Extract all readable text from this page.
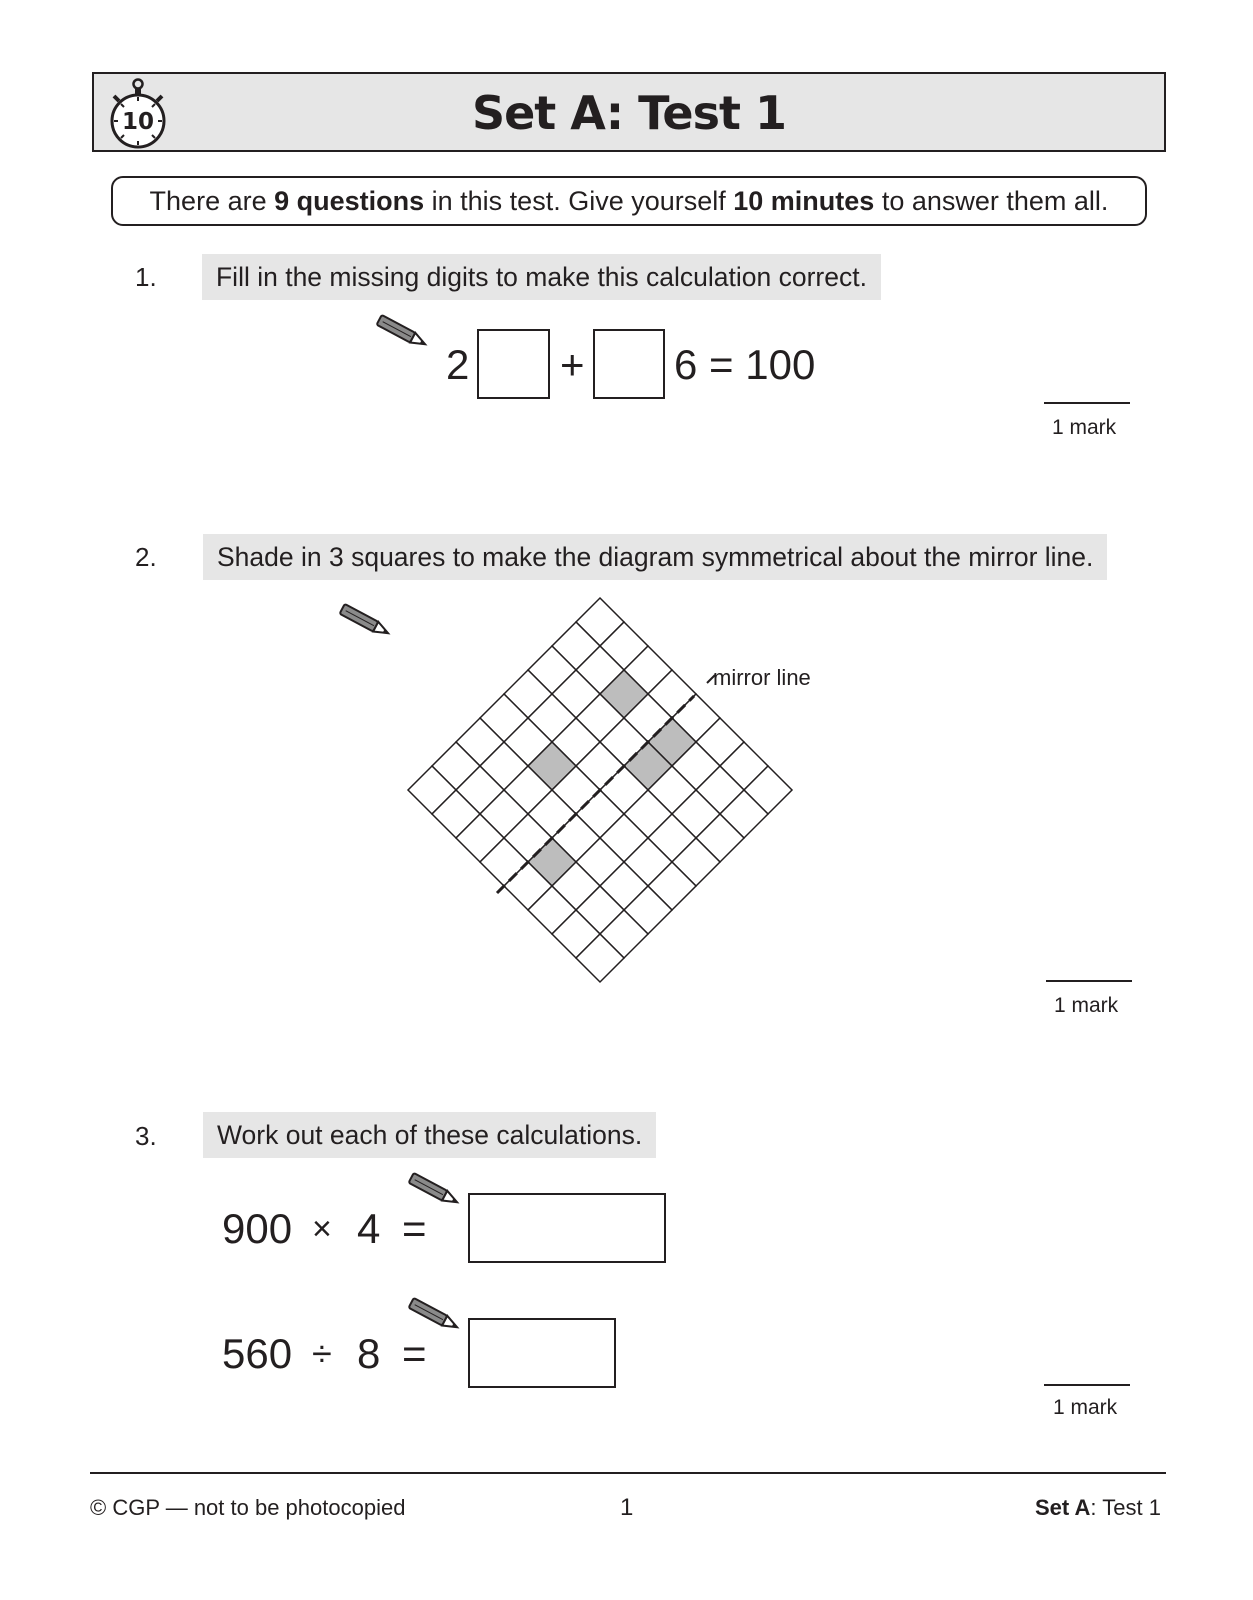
10	Set A: Test 1
There are 9 questions in this test. Give yourself 10 minutes to answer them all.
1.	Fill in the missing digits to make this calculation correct.
2 + 6 = 100
1 mark
2.	Shade in 3 squares to make the diagram symmetrical about the mirror line.
mirror line
1 mark
3.	Work out each of these calculations.
900 × 4 =
560 ÷ 8 =
1 mark
© CGP — not to be photocopied	1	Set A: Test 1
